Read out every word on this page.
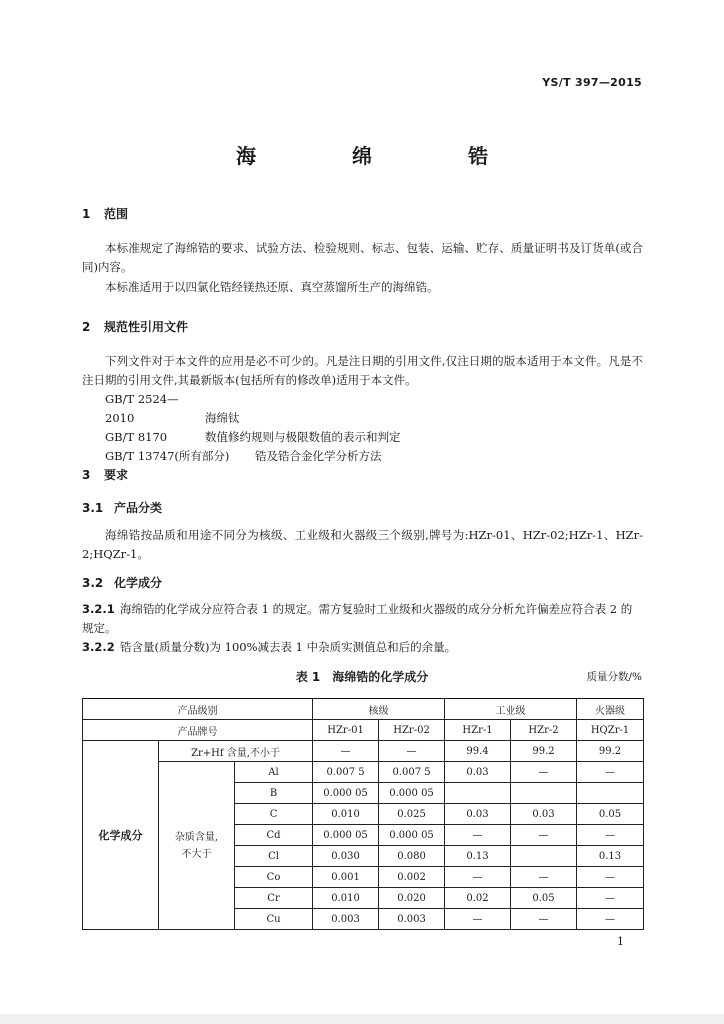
YS/T 397—2015
海　绵　锆
1 范围
本标准规定了海绵锆的要求、试验方法、检验规则、标志、包装、运输、贮存、质量证明书及订货单(或合同)内容。
本标准适用于以四氯化锆经镁热还原、真空蒸馏所生产的海绵锆。
2 规范性引用文件
下列文件对于本文件的应用是必不可少的。凡是注日期的引用文件,仅注日期的版本适用于本文件。凡是不注日期的引用文件,其最新版本(包括所有的修改单)适用于本文件。
GB/T 2524—2010	海绵钛
GB/T 8170	数值修约规则与极限数值的表示和判定
GB/T 13747(所有部分) 锆及锆合金化学分析方法
3 要求
3.1 产品分类
海绵锆按品质和用途不同分为核级、工业级和火器级三个级别,牌号为:HZr-01、HZr-02;HZr-1、HZr-2;HQZr-1。
3.2 化学成分
3.2.1 海绵锆的化学成分应符合表 1 的规定。需方复验时工业级和火器级的成分分析允许偏差应符合表 2 的规定。
3.2.2 锆含量(质量分数)为 100%减去表 1 中杂质实测值总和后的余量。
表 1　海绵锆的化学成分	质量分数/%
产品级别			核级		工业级		火器级
产品牌号			HZr-01	HZr-02	HZr-1	HZr-2	HQZr-1
化学成分	Zr+Hf 含量,不小于		—	—	99.4	99.2	99.2
	杂质含量,
不大于	Al	0.007 5	0.007 5	0.03	—	—
		B	0.000 05	0.000 05			
		C	0.010	0.025	0.03	0.03	0.05
		Cd	0.000 05	0.000 05	—	—	—
		Cl	0.030	0.080	0.13		0.13
		Co	0.001	0.002	—	—	—
		Cr	0.010	0.020	0.02	0.05	—
		Cu	0.003	0.003	—	—	—
1
